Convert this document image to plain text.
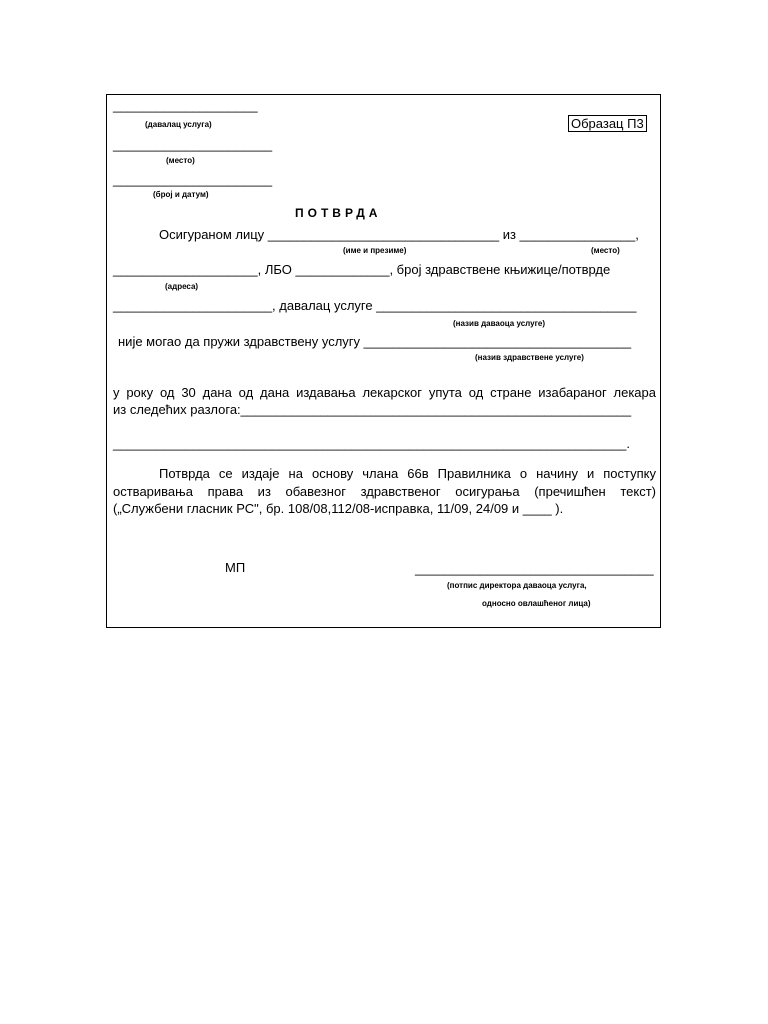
____________________
(давалац услуга)	Образац П3
______________________
(место)
______________________
(број и датум)
ПОТВРДА
Осигураном лицу ________________________________ из ________________,
(име и презиме)	(место)
____________________, ЛБО _____________, број здравствене књижице/потврде
(адреса)
______________________, давалац услуге ____________________________________
(назив даваоца услуге)
није могао да пружи здравствену услугу _____________________________________
(назив здравствене услуге)
у року од 30 дана од дана издавања лекарског упута од стране изабараног лекара
из следећих разлога:______________________________________________________
_______________________________________________________________________.
Потврда се издаје на основу члана 66в Правилника о начину и поступку
остваривања права из обавезног здравственог осигурања (пречишћен текст)
(„Службени гласник РС", бр. 108/08,112/08-исправка, 11/09, 24/09 и ____ ).
МП	_________________________________
(потпис директора даваоца услуга,
односно овлашћеног лица)
